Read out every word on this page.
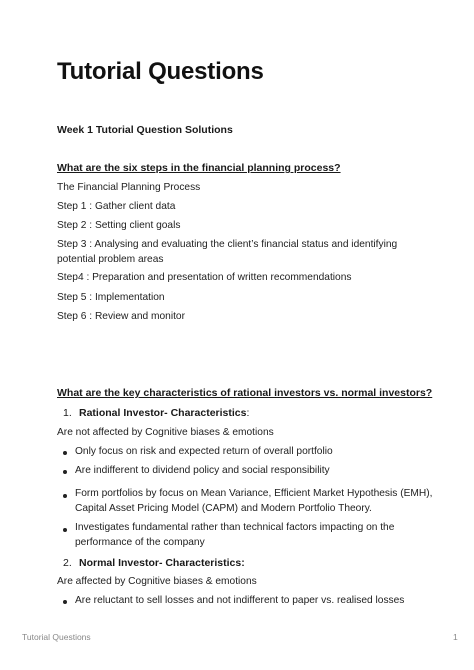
Tutorial Questions
Week 1 Tutorial Question Solutions
What are the six steps in the financial planning process?
The Financial Planning Process
Step 1 : Gather client data
Step 2 : Setting client goals
Step 3 : Analysing and evaluating the client’s financial status and identifying potential problem areas
Step4 : Preparation and presentation of written recommendations
Step 5 : Implementation
Step 6 : Review and monitor
What are the key characteristics of rational investors vs. normal investors?
1. Rational Investor- Characteristics:
Are not affected by Cognitive biases & emotions
Only focus on risk and expected return of overall portfolio
Are indifferent to dividend policy and social responsibility
Form portfolios by focus on Mean Variance, Efficient Market Hypothesis (EMH), Capital Asset Pricing Model (CAPM) and Modern Portfolio Theory.
Investigates fundamental rather than technical factors impacting on the performance of the company
2. Normal Investor- Characteristics:
Are affected by Cognitive biases & emotions
Are reluctant to sell losses and not indifferent to paper vs. realised losses
Tutorial Questions	1
